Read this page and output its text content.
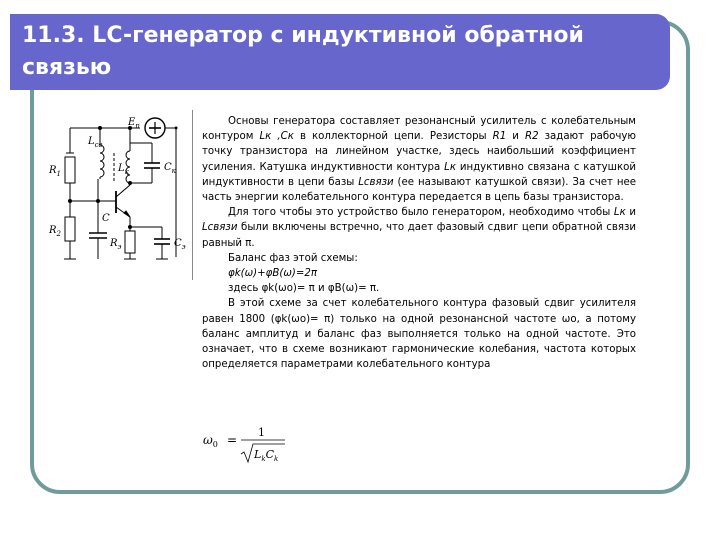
11.3. LC-генератор с индуктивной обратной
связью
$E_п$
$L_{св}$
$L_к$	$C_к$
$R_1$
$R_2$
C
$R_э$	$C_э$

Основы генератора составляет резонансный усилитель с колебательным контуром Lк ,Ск в коллекторной цепи. Резисторы R1 и R2 задают рабочую точку транзистора на линейном участке, здесь наибольший коэффициент усиления. Катушка индуктивности контура Lк индуктивно связана с катушкой индуктивности в цепи базы Lсвязи (ее называют катушкой связи). За счет нее часть энергии колебательного контура передается в цепь базы транзистора.

Для того чтобы это устройство было генератором, необходимо чтобы Lк и Lсвязи были включены встречно, что дает фазовый сдвиг цепи обратной связи равный π.

Баланс фаз этой схемы:

φk(ω)+φB(ω)=2π

здесь φk(ωо)= π и φB(ω)= π.

В этой схеме за счет колебательного контура фазовый сдвиг усилителя равен 1800 (φk(ωо)= π) только на одной резонансной частоте ωо, а потому баланс амплитуд и баланс фаз выполняется только на одной частоте. Это означает, что в схеме возникают гармонические колебания, частота которых определяется параметрами колебательного контура

$\omega_0$ =
1
$L_kC_k$
